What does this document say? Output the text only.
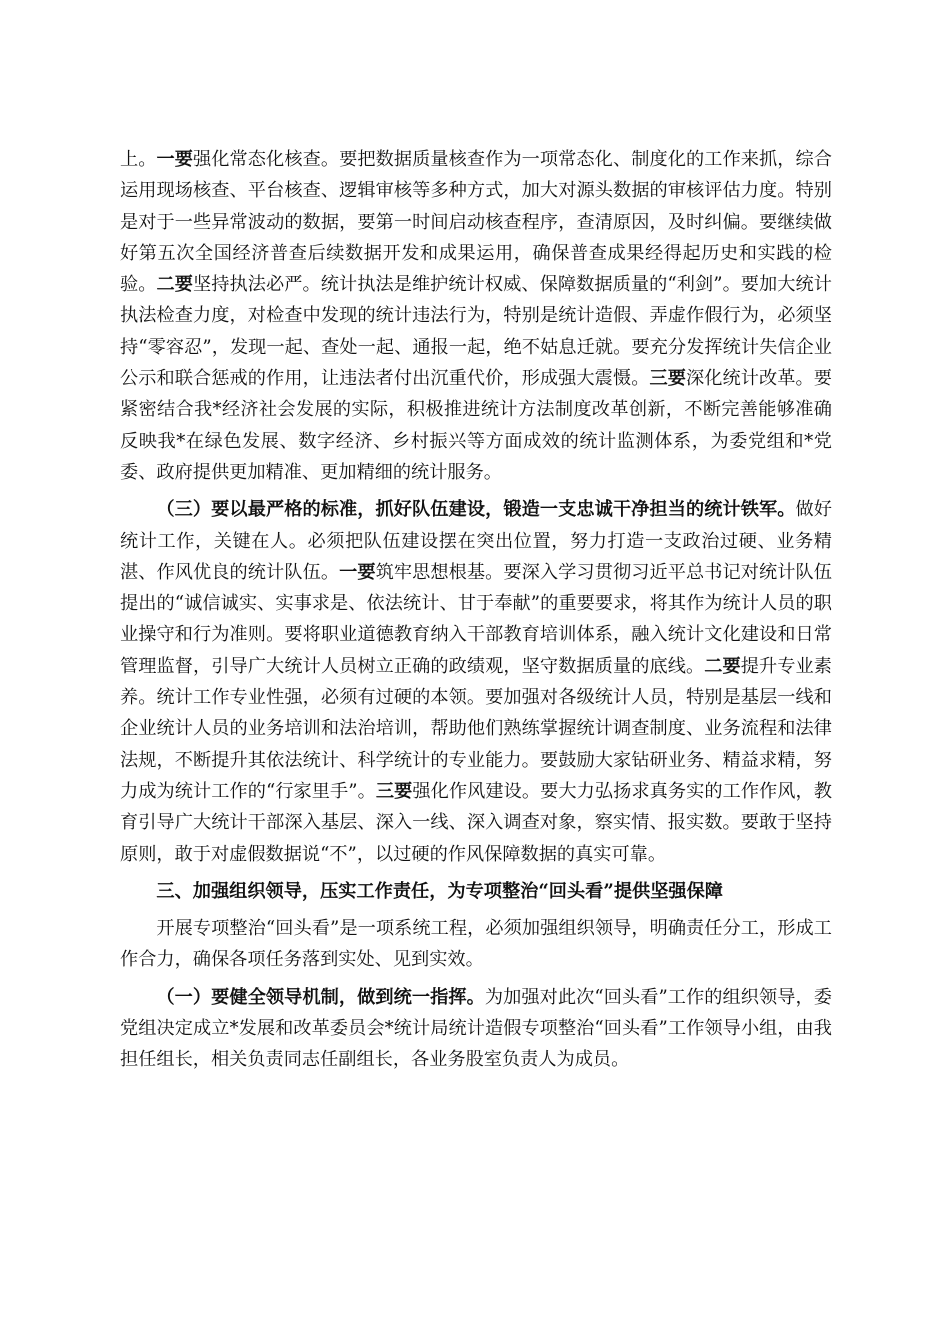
上。一要强化常态化核查。要把数据质量核查作为一项常态化、制度化的工作来抓，综合运用现场核查、平台核查、逻辑审核等多种方式，加大对源头数据的审核评估力度。特别是对于一些异常波动的数据，要第一时间启动核查程序，查清原因，及时纠偏。要继续做好第五次全国经济普查后续数据开发和成果运用，确保普查成果经得起历史和实践的检验。二要坚持执法必严。统计执法是维护统计权威、保障数据质量的“利剑”。要加大统计执法检查力度，对检查中发现的统计违法行为，特别是统计造假、弄虚作假行为，必须坚持“零容忍”，发现一起、查处一起、通报一起，绝不姑息迁就。要充分发挥统计失信企业公示和联合惩戒的作用，让违法者付出沉重代价，形成强大震慑。三要深化统计改革。要紧密结合我*经济社会发展的实际，积极推进统计方法制度改革创新，不断完善能够准确反映我*在绿色发展、数字经济、乡村振兴等方面成效的统计监测体系，为委党组和*党委、政府提供更加精准、更加精细的统计服务。

（三）要以最严格的标准，抓好队伍建设，锻造一支忠诚干净担当的统计铁军。做好统计工作，关键在人。必须把队伍建设摆在突出位置，努力打造一支政治过硬、业务精湛、作风优良的统计队伍。一要筑牢思想根基。要深入学习贯彻习近平总书记对统计队伍提出的“诚信诚实、实事求是、依法统计、甘于奉献”的重要要求，将其作为统计人员的职业操守和行为准则。要将职业道德教育纳入干部教育培训体系，融入统计文化建设和日常管理监督，引导广大统计人员树立正确的政绩观，坚守数据质量的底线。二要提升专业素养。统计工作专业性强，必须有过硬的本领。要加强对各级统计人员，特别是基层一线和企业统计人员的业务培训和法治培训，帮助他们熟练掌握统计调查制度、业务流程和法律法规，不断提升其依法统计、科学统计的专业能力。要鼓励大家钻研业务、精益求精，努力成为统计工作的“行家里手”。三要强化作风建设。要大力弘扬求真务实的工作作风，教育引导广大统计干部深入基层、深入一线、深入调查对象，察实情、报实数。要敢于坚持原则，敢于对虚假数据说“不”，以过硬的作风保障数据的真实可靠。

三、加强组织领导，压实工作责任，为专项整治“回头看”提供坚强保障

开展专项整治“回头看”是一项系统工程，必须加强组织领导，明确责任分工，形成工作合力，确保各项任务落到实处、见到实效。

（一）要健全领导机制，做到统一指挥。为加强对此次“回头看”工作的组织领导，委党组决定成立*发展和改革委员会*统计局统计造假专项整治“回头看”工作领导小组，由我担任组长，相关负责同志任副组长，各业务股室负责人为成员。
